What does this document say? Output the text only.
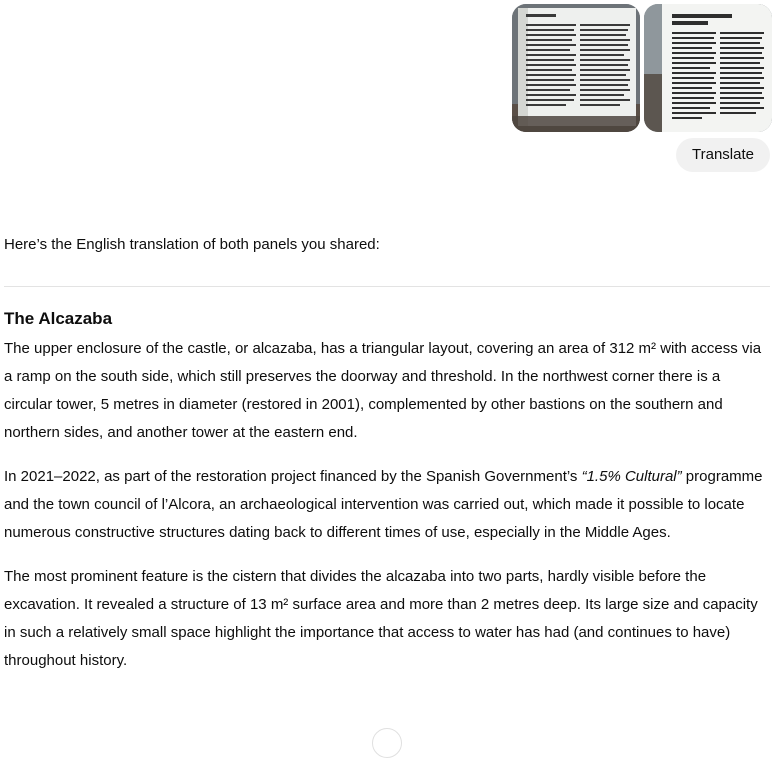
Translate

Here’s the English translation of both panels you shared:

The Alcazaba

The upper enclosure of the castle, or alcazaba, has a triangular layout, covering an area of 312 m² with access via a ramp on the south side, which still preserves the doorway and threshold. In the northwest corner there is a circular tower, 5 metres in diameter (restored in 2001), complemented by other bastions on the southern and northern sides, and another tower at the eastern end.

In 2021–2022, as part of the restoration project financed by the Spanish Government’s “1.5% Cultural” programme and the town council of l’Alcora, an archaeological intervention was carried out, which made it possible to locate numerous constructive structures dating back to different times of use, especially in the Middle Ages.

The most prominent feature is the cistern that divides the alcazaba into two parts, hardly visible before the excavation. It revealed a structure of 13 m² surface area and more than 2 metres deep. Its large size and capacity in such a relatively small space highlight the importance that access to water has had (and continues to have) throughout history.
